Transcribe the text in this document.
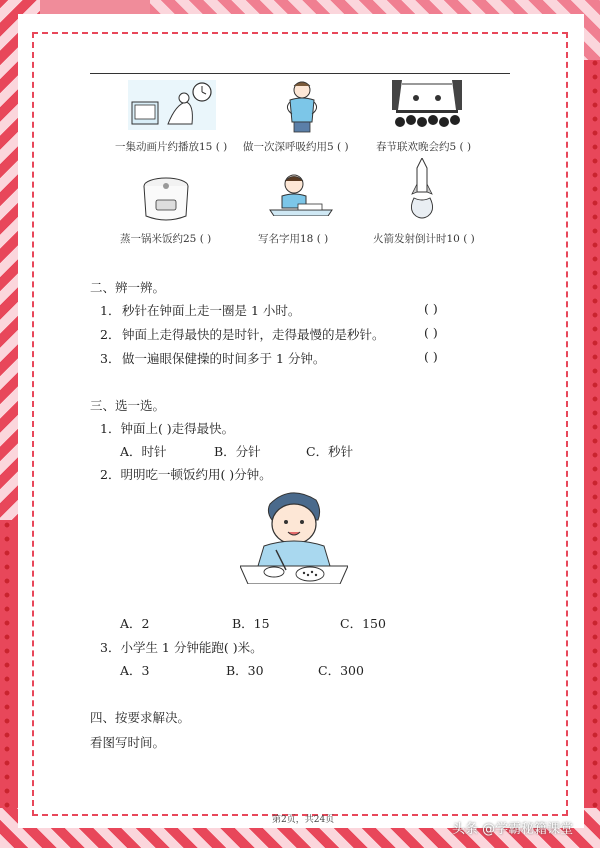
一集动画片约播放15 ( ) 做一次深呼吸约用5 ( )	春节联欢晚会约5 ( )
蒸一锅米饭约25 ( )	写名字用18 ( )	火箭发射倒计时10 ( )
二、辨一辨。
1． 秒针在钟面上走一圈是 1 小时。	( )
2． 钟面上走得最快的是时针，走得最慢的是秒针。	( )
3． 做一遍眼保健操的时间多于 1 分钟。	( )
三、选一选。
1．钟面上( )走得最快。
A．时针	B．分针	C．秒针
2．明明吃一顿饭约用( )分钟。
A．2	B．15	C．150
3．小学生 1 分钟能跑( )米。
A．3	B．30	C．300
四、按要求解决。
看图写时间。
第2页，共24页
头条 @学霸秘籍课堂
